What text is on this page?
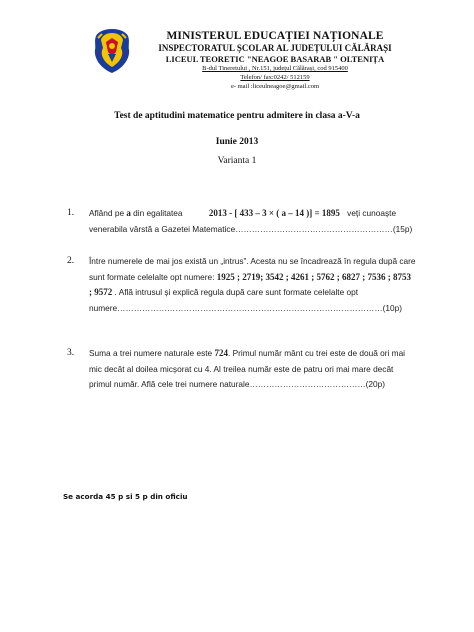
MINISTERUL EDUCAȚIEI NAȚIONALE
INSPECTORATUL ȘCOLAR AL JUDEȚULUI CĂLĂRAȘI
LICEUL TEORETIC "NEAGOE BASARAB " OLTENIȚA
B-dul Tineretului , Nr.151, județul Călărași, cod 915400
Telefon/ fax:0242/ 512159
e- mail :liceulneagoe@gmail.com
Test de aptitudini matematice pentru admitere in clasa a-V-a
Iunie 2013
Varianta 1
1. Aflând pe a din egalitatea	2013 - [ 433 – 3 × ( a – 14 )] = 1895 veți cunoaște
venerabila vârstă a Gazetei Matematice…………………………………………………(15p)
2. Între numerele de mai jos există un „intrus”. Acesta nu se încadrează în regula după care
sunt formate celelalte opt numere: 1925 ; 2719; 3542 ; 4261 ; 5762 ; 6827 ; 7536 ; 8753
; 9572 . Află intrusul și explică regula după care sunt formate celelalte opt
numere……………………………………………………………………………………(10p)
3. Suma a trei numere naturale este 724. Primul număr mânt cu trei este de două ori mai
mic decât al doilea micșorat cu 4. Al treilea număr este de patru ori mai mare decât
primul număr. Află cele trei numere naturale……………………………………(20p)
Se acorda 45 p si 5 p din oficiu
